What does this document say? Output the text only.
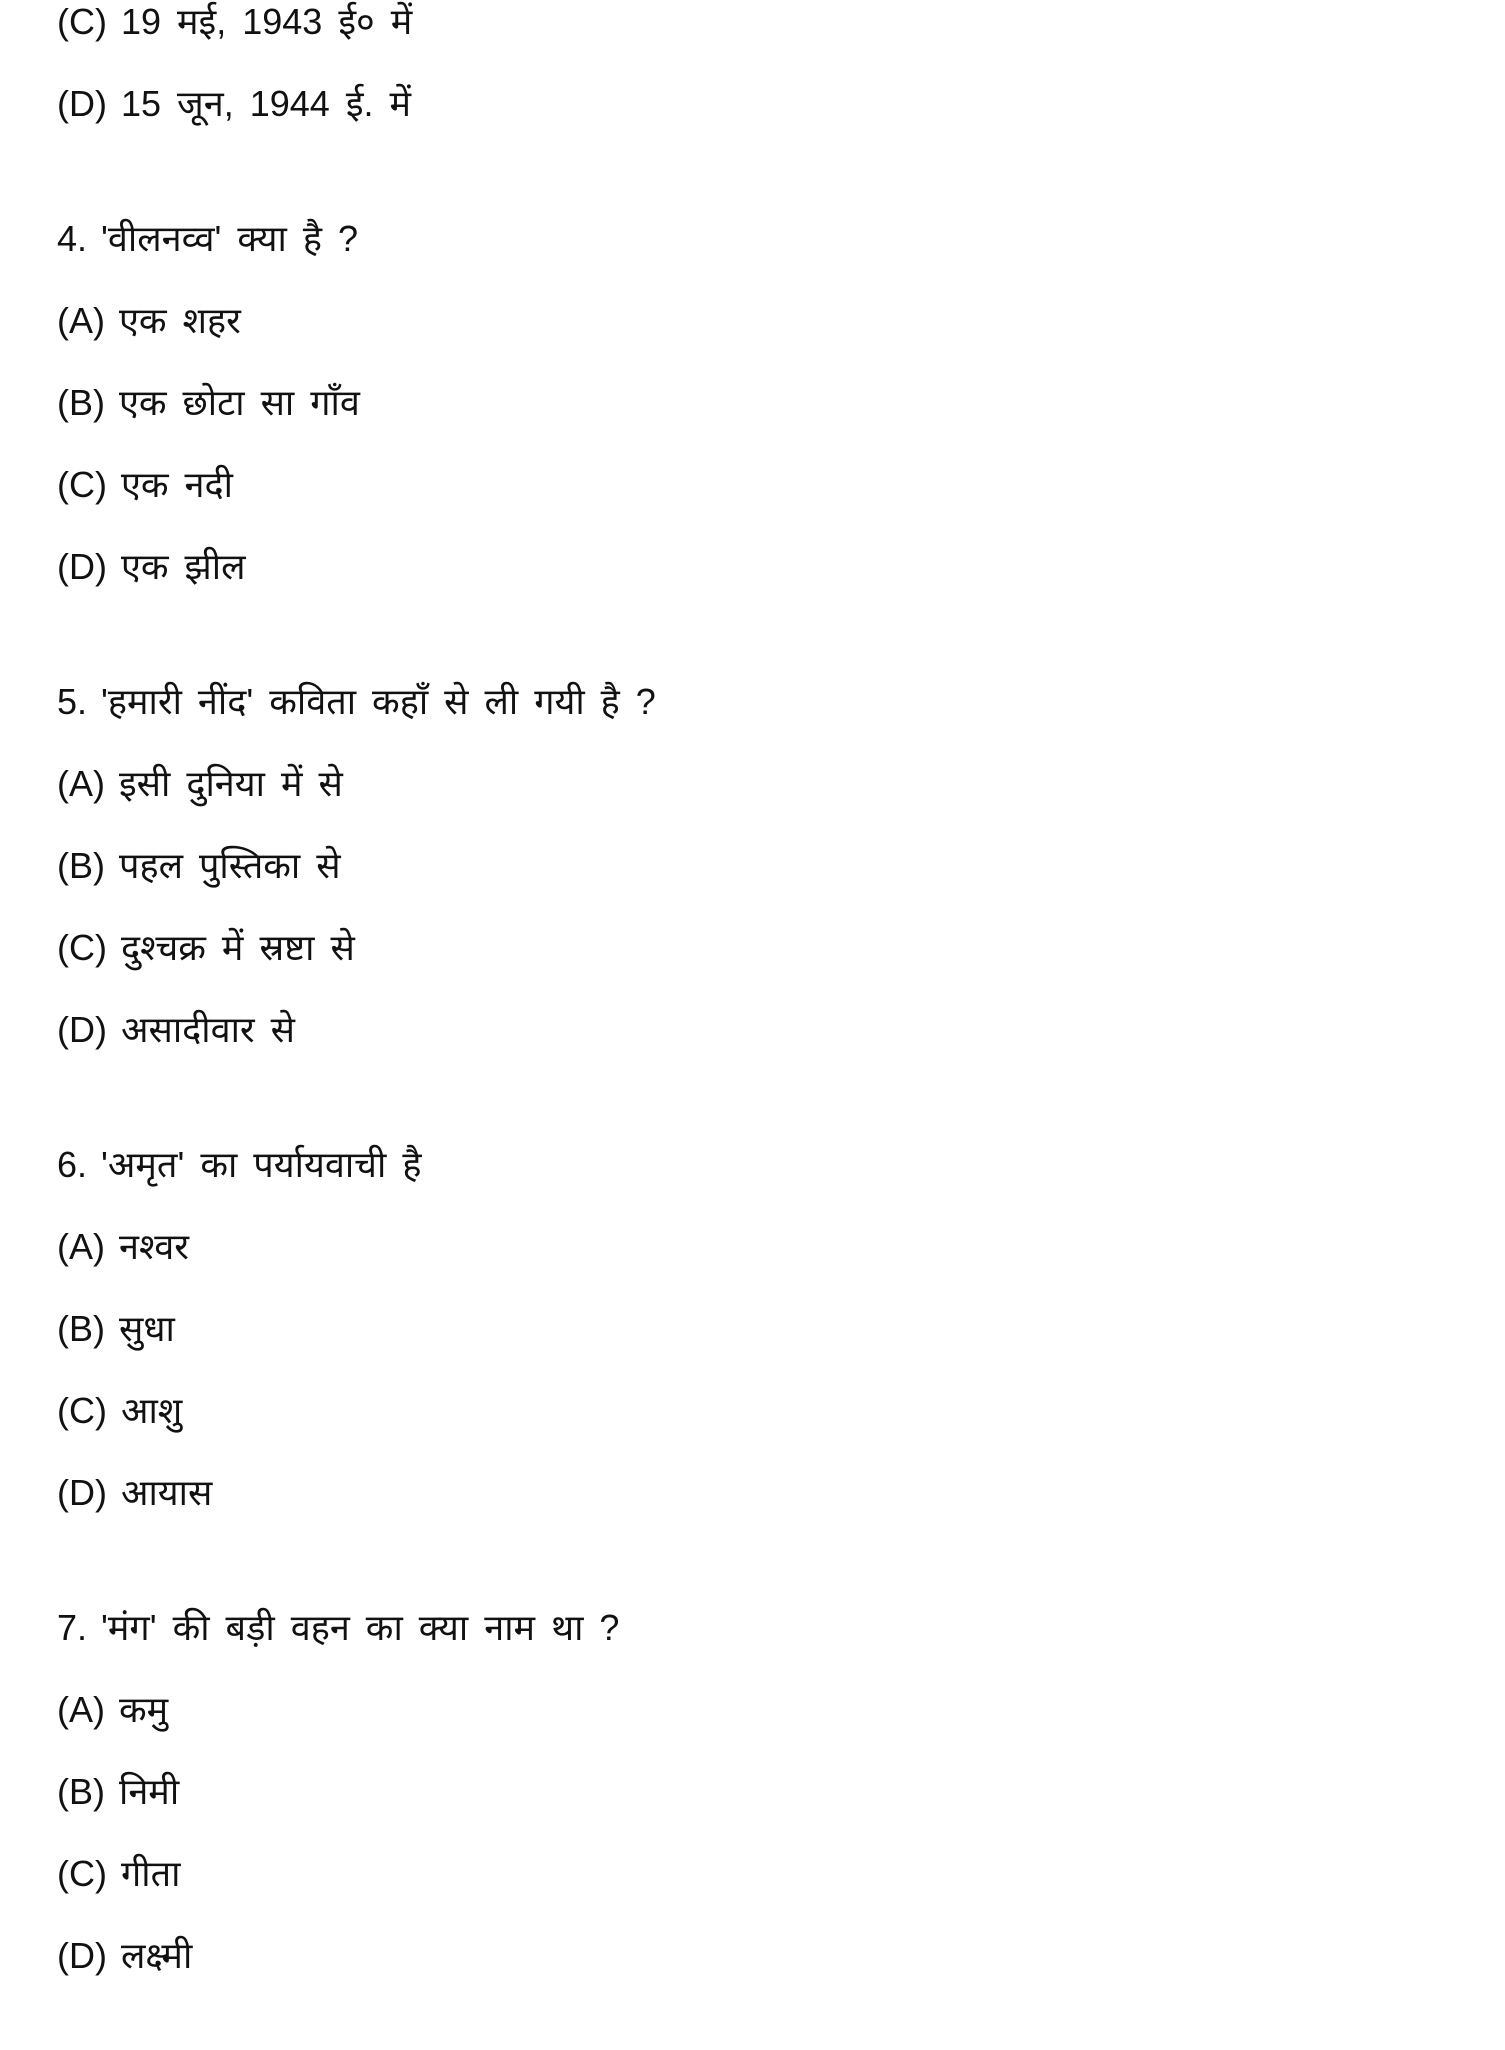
(C) 19 मई, 1943 ई० में
(D) 15 जून, 1944 ई. में
4. 'वीलनव्व' क्या है ?
(A) एक शहर
(B) एक छोटा सा गाँव
(C) एक नदी
(D) एक झील
5. 'हमारी नींद' कविता कहाँ से ली गयी है ?
(A) इसी दुनिया में से
(B) पहल पुस्तिका से
(C) दुश्चक्र में स्रष्टा से
(D) असादीवार से
6. 'अमृत' का पर्यायवाची है
(A) नश्वर
(B) सुधा
(C) आशु
(D) आयास
7. 'मंग' की बड़ी वहन का क्या नाम था ?
(A) कमु
(B) निमी
(C) गीता
(D) लक्ष्मी
